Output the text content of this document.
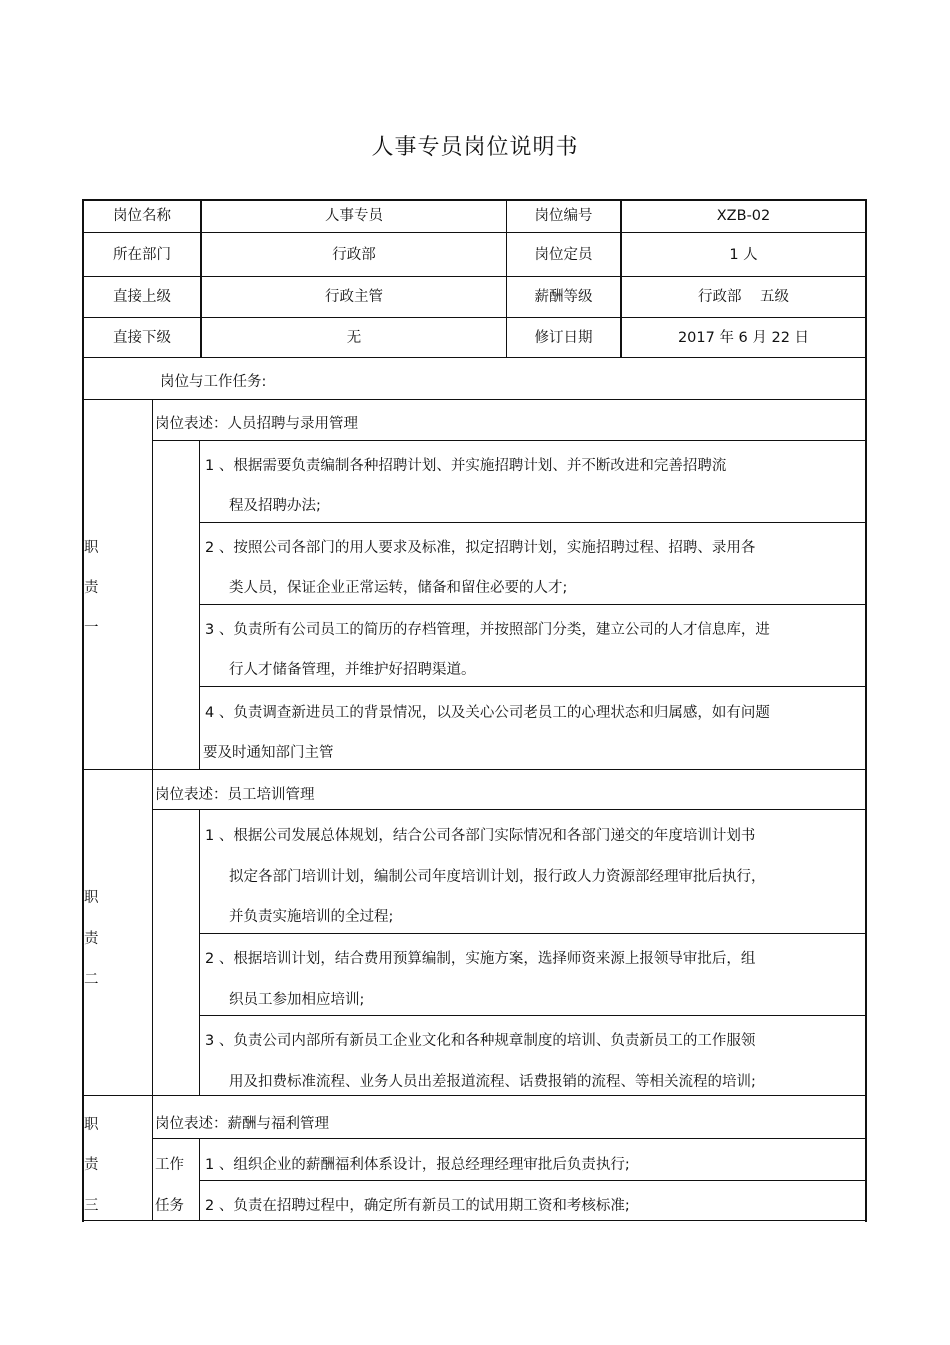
人事专员岗位说明书
岗位名称	人事专员	岗位编号	XZB-02
所在部门	行政部	岗位定员	1 人
直接上级	行政主管	薪酬等级	行政部    五级
直接下级	无	修订日期	2017 年 6 月 22 日
岗位与工作任务:
职
责
一
岗位表述：人员招聘与录用管理
1 、根据需要负责编制各种招聘计划、并实施招聘计划、并不断改进和完善招聘流
程及招聘办法;
2 、按照公司各部门的用人要求及标准，拟定招聘计划，实施招聘过程、招聘、录用各
类人员，保证企业正常运转，储备和留住必要的人才;
3 、负责所有公司员工的简历的存档管理，并按照部门分类，建立公司的人才信息库，进
行人才储备管理，并维护好招聘渠道。
4 、负责调查新进员工的背景情况，以及关心公司老员工的心理状态和归属感，如有问题
要及时通知部门主管
职
责
二
岗位表述：员工培训管理
1 、根据公司发展总体规划，结合公司各部门实际情况和各部门递交的年度培训计划书
拟定各部门培训计划，编制公司年度培训计划，报行政人力资源部经理审批后执行，
并负责实施培训的全过程;
2 、根据培训计划，结合费用预算编制，实施方案，选择师资来源上报领导审批后，组
织员工参加相应培训;
3 、负责公司内部所有新员工企业文化和各种规章制度的培训、负责新员工的工作服领
用及扣费标准流程、业务人员出差报道流程、话费报销的流程、等相关流程的培训;
职
责
三
岗位表述：薪酬与福利管理
工作
任务
1 、组织企业的薪酬福利体系设计，报总经理经理审批后负责执行;
2 、负责在招聘过程中，确定所有新员工的试用期工资和考核标准;
